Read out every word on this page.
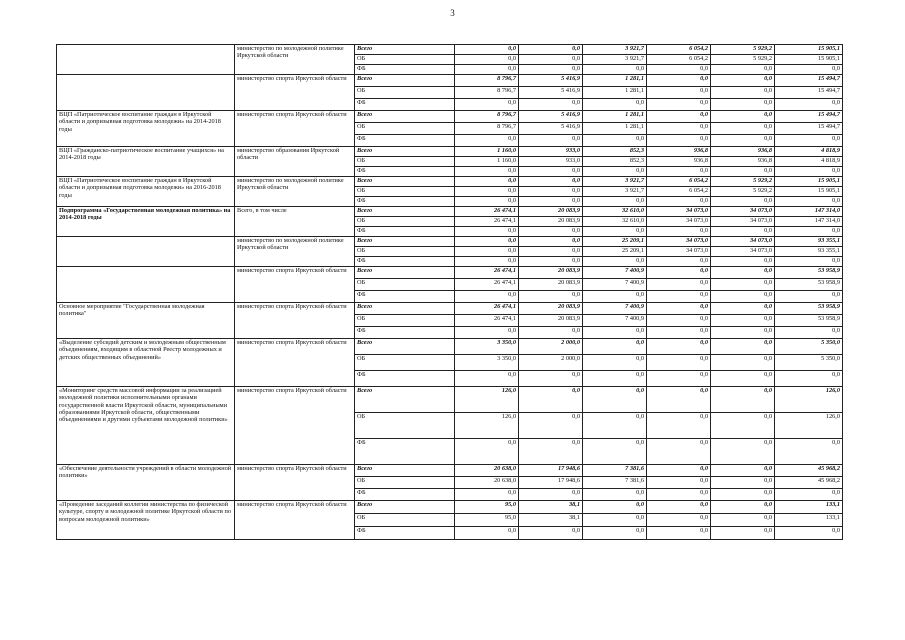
3
	министерство по молодежной политике Иркутской области	Всего	0,0	0,0	3 921,7	6 054,2	5 929,2	15 905,1
		ОБ	0,0	0,0	3 921,7	6 054,2	5 929,2	15 905,1
		ФБ	0,0	0,0	0,0	0,0	0,0	0,0
	министерство спорта Иркутской области	Всего	8 796,7	5 416,9	1 281,1	0,0	0,0	15 494,7
		ОБ	8 796,7	5 416,9	1 281,1	0,0	0,0	15 494,7
		ФБ	0,0	0,0	0,0	0,0	0,0	0,0
ВЦП «Патриотическое воспитание граждан в Иркутской области и допризывная подготовка молодежи» на 2014-2018 годы	министерство спорта Иркутской области	Всего	8 796,7	5 416,9	1 281,1	0,0	0,0	15 494,7
		ОБ	8 796,7	5 416,9	1 281,1	0,0	0,0	15 494,7
		ФБ	0,0	0,0	0,0	0,0	0,0	0,0
ВЦП «Гражданско-патриотическое воспитание учащихся» на 2014-2018 годы	министерство образования Иркутской области	Всего	1 160,0	933,0	852,3	936,8	936,8	4 818,9
		ОБ	1 160,0	933,0	852,3	936,8	936,8	4 818,9
		ФБ	0,0	0,0	0,0	0,0	0,0	0,0
ВЦП «Патриотическое воспитание граждан в Иркутской области и допризывная подготовка молодежи» на 2016-2018 годы	министерство по молодежной политике Иркутской области	Всего	0,0	0,0	3 921,7	6 054,2	5 929,2	15 905,1
		ОБ	0,0	0,0	3 921,7	6 054,2	5 929,2	15 905,1
		ФБ	0,0	0,0	0,0	0,0	0,0	0,0
Подпрограмма «Государственная молодежная политика» на 2014-2018 годы	Всего, в том числе	Всего	26 474,1	20 083,9	32 610,0	34 073,0	34 073,0	147 314,0
		ОБ	26 474,1	20 083,9	32 610,0	34 073,0	34 073,0	147 314,0
		ФБ	0,0	0,0	0,0	0,0	0,0	0,0
	министерство по молодежной политике Иркутской области	Всего	0,0	0,0	25 209,1	34 073,0	34 073,0	93 355,1
		ОБ	0,0	0,0	25 209,1	34 073,0	34 073,0	93 355,1
		ФБ	0,0	0,0	0,0	0,0	0,0	0,0
	министерство спорта Иркутской области	Всего	26 474,1	20 083,9	7 400,9	0,0	0,0	53 958,9
		ОБ	26 474,1	20 083,9	7 400,9	0,0	0,0	53 958,9
		ФБ	0,0	0,0	0,0	0,0	0,0	0,0
Основное мероприятие "Государственная молодежная политика"	министерство спорта Иркутской области	Всего	26 474,1	20 083,9	7 400,9	0,0	0,0	53 958,9
		ОБ	26 474,1	20 083,9	7 400,9	0,0	0,0	53 958,9
		ФБ	0,0	0,0	0,0	0,0	0,0	0,0
«Выделение субсидий детским и молодежным общественным объединениям, входящим в областной Реестр молодежных и детских общественных объединений»	министерство спорта Иркутской области	Всего	3 350,0	2 000,0	0,0	0,0	0,0	5 350,0
		ОБ	3 350,0	2 000,0	0,0	0,0	0,0	5 350,0
		ФБ	0,0	0,0	0,0	0,0	0,0	0,0
«Мониторинг средств массовой информации за реализацией молодежной политики исполнительными органами государственной власти Иркутской области, муниципальными образованиями Иркутской области, общественными объединениями и другими субъектами молодежной политики»	министерство спорта Иркутской области	Всего	126,0	0,0	0,0	0,0	0,0	126,0
		ОБ	126,0	0,0	0,0	0,0	0,0	126,0
		ФБ	0,0	0,0	0,0	0,0	0,0	0,0
«Обеспечение деятельности учреждений в области молодежной политики»	министерство спорта Иркутской области	Всего	20 638,0	17 948,6	7 381,6	0,0	0,0	45 968,2
		ОБ	20 638,0	17 948,6	7 381,6	0,0	0,0	45 968,2
		ФБ	0,0	0,0	0,0	0,0	0,0	0,0
«Проведение заседаний коллегии министерства по физической культуре, спорту и молодежной политике Иркутской области по вопросам молодежной политики»	министерство спорта Иркутской области	Всего	95,0	38,1	0,0	0,0	0,0	133,1
		ОБ	95,0	38,1	0,0	0,0	0,0	133,1
		ФБ	0,0	0,0	0,0	0,0	0,0	0,0
